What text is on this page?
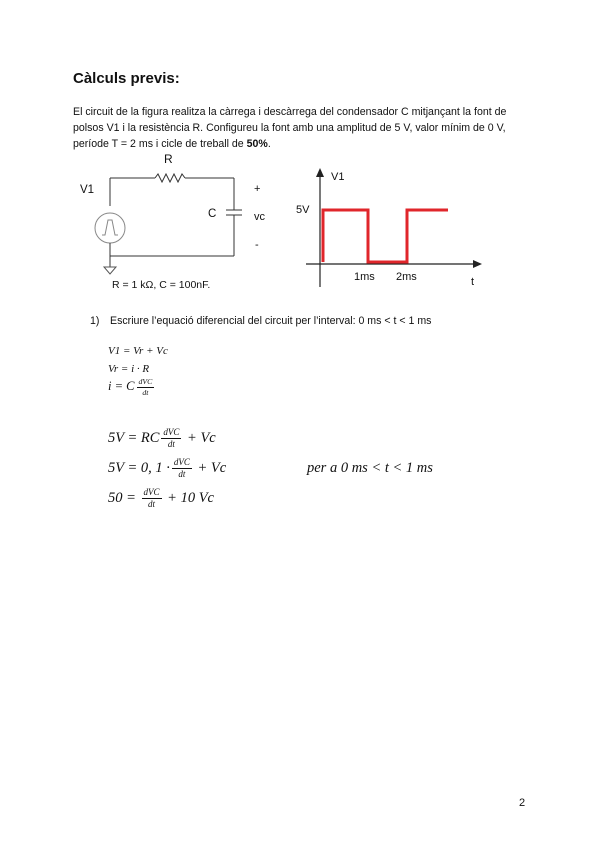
Càlculs previs:
El circuit de la figura realitza la càrrega i descàrrega del condensador C mitjançant la font de
polsos V1 i la resistència R. Configureu la font amb una amplitud de 5 V, valor mínim de 0 V,
període T = 2 ms i cicle de treball de 50%.
R
V1
C
+
vc
-
R = 1 kΩ, C = 100nF.
V1
5V
1ms 2ms	t
1) Escriure l’equació diferencial del circuit per l’interval: 0 ms < t < 1 ms
V1 = Vr + Vc
Vr = i · R
i = C $\frac{\text{dVC}}{dt}$
5V = RC $\frac{\text{dVC}}{dt} + Vc$
5V = 0, $1 \cdot \frac{\text{dVC}}{dt} + Vc$	per a 0 ms < t < 1 ms
$50 = \frac{\text{dVC}}{dt} + 10$ Vc
2
